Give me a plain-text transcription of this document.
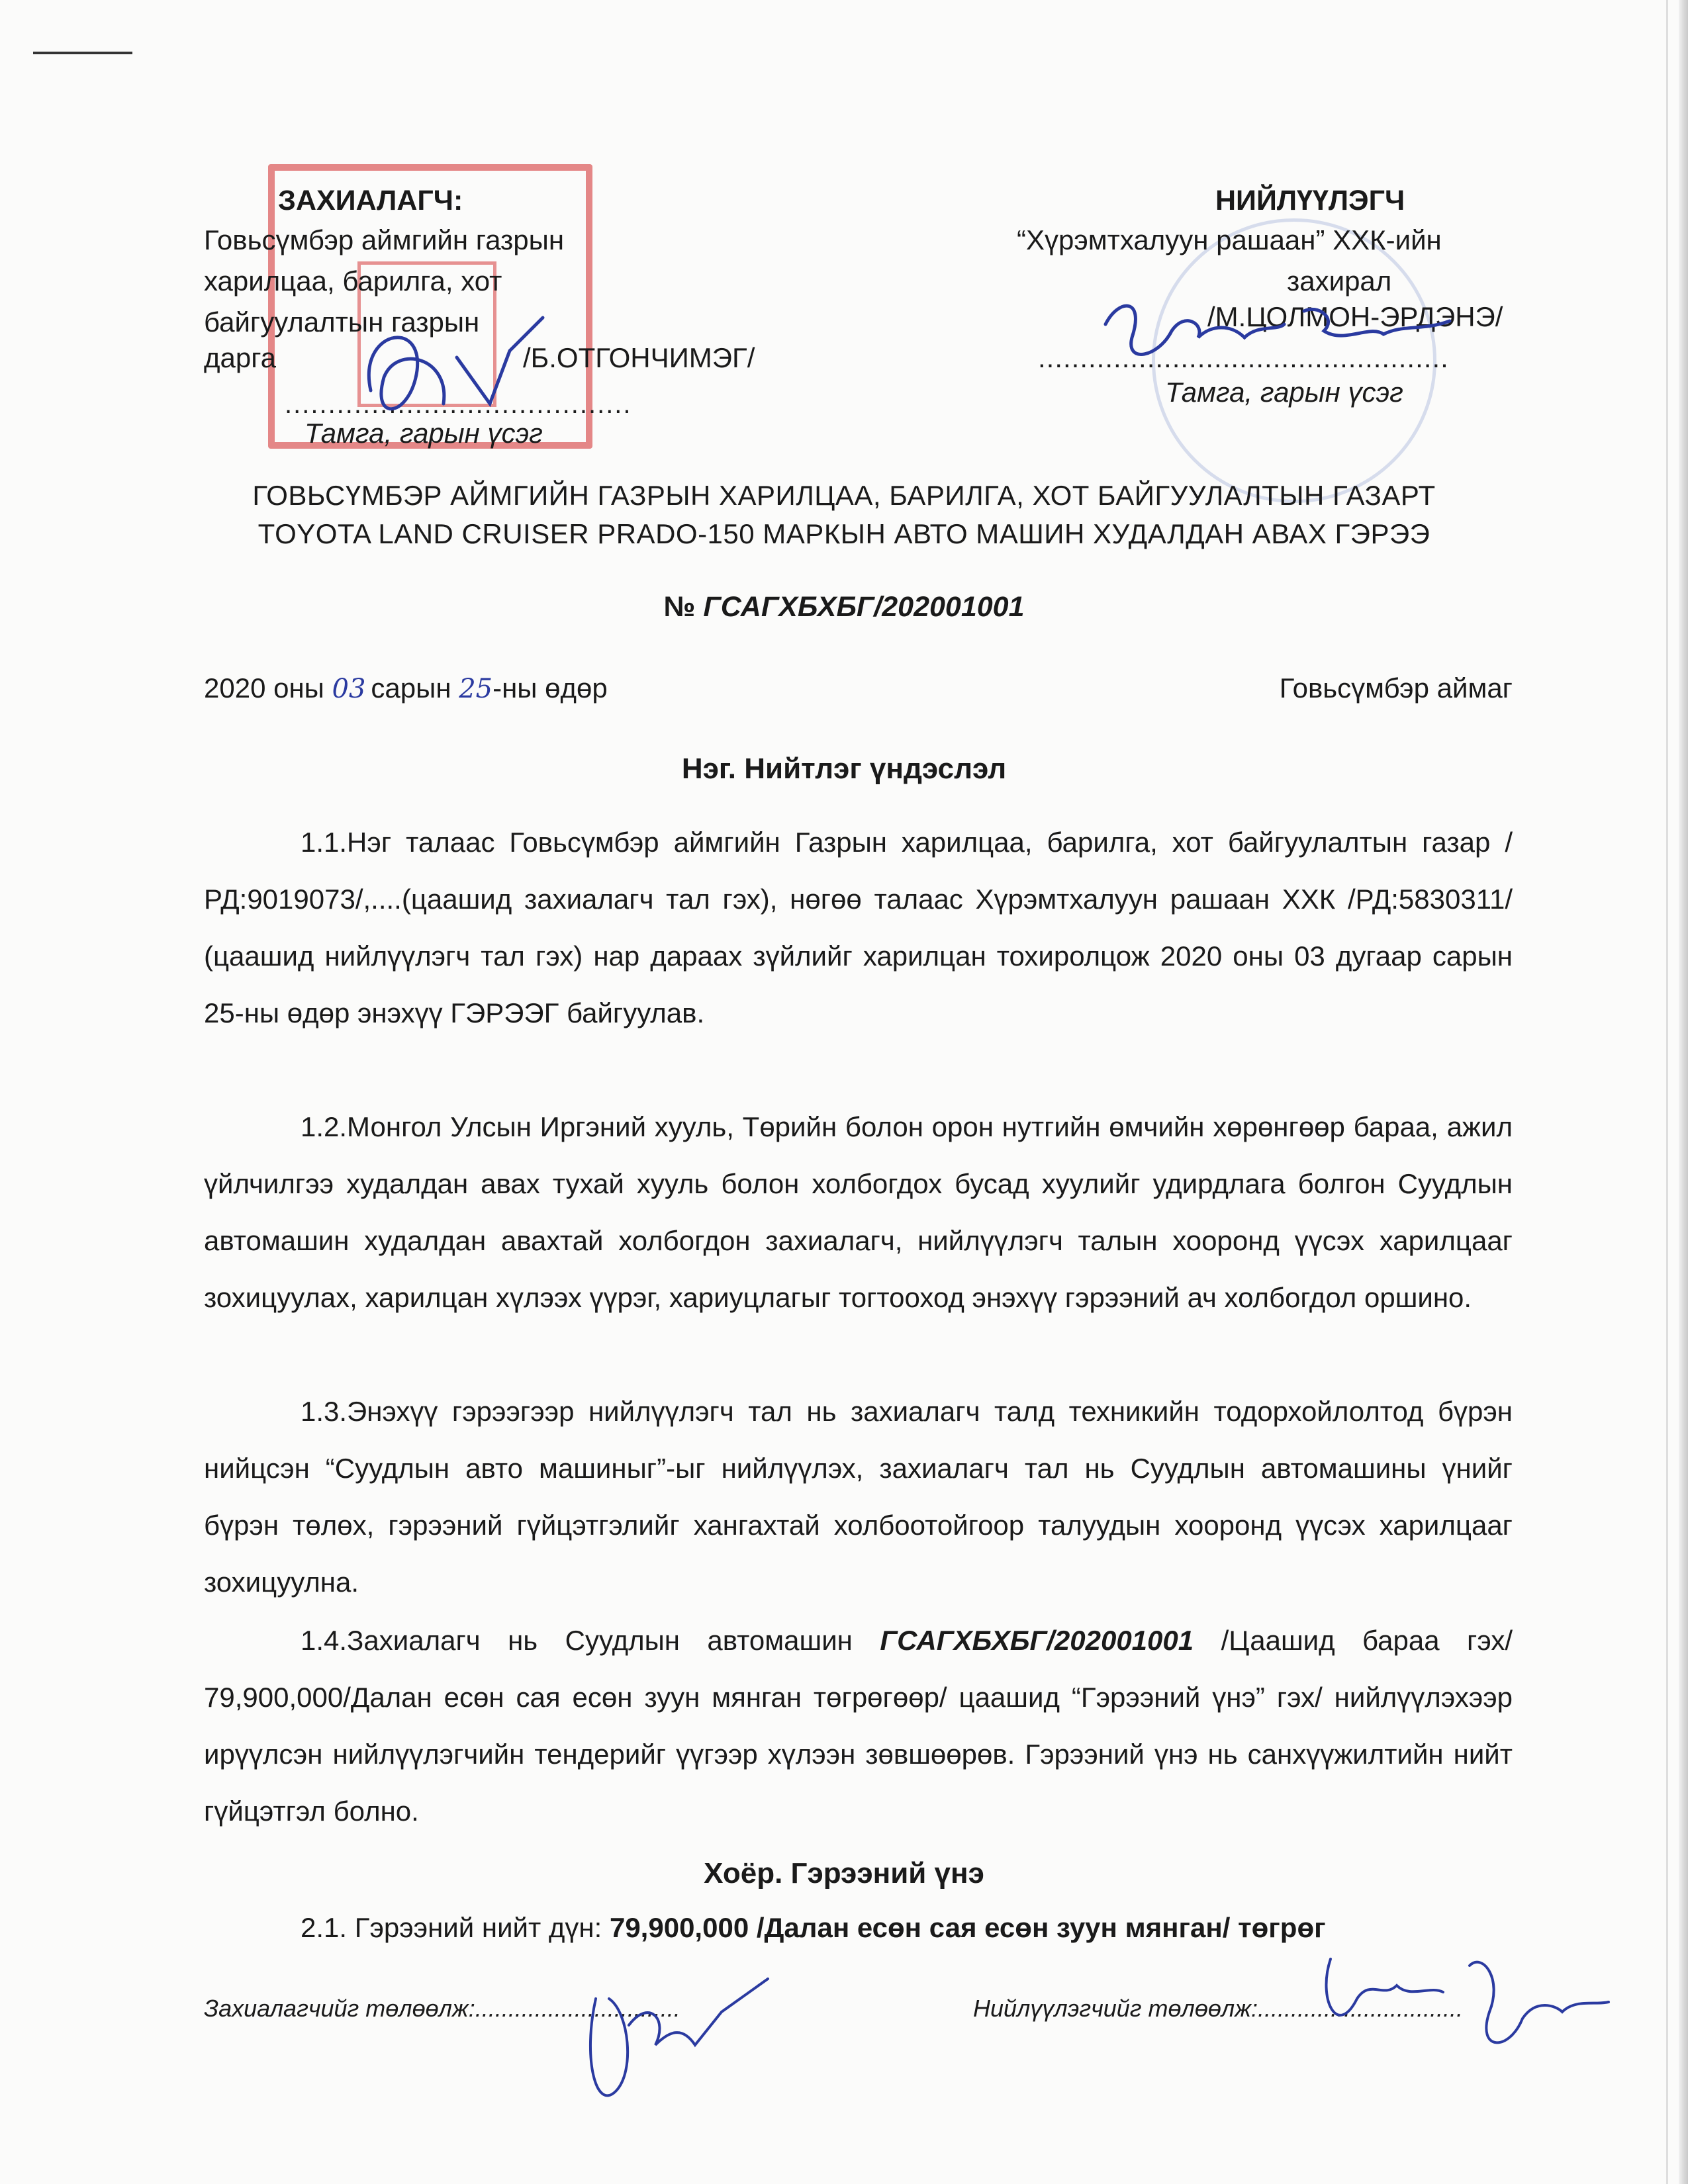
ЗАХИАЛАГЧ:
Говьсүмбэр аймгийн газрын
харилцаа, барилга, хот
байгуулалтын газрын
дарга	/Б.ОТГОНЧИМЭГ/
........................................
Тамга, гарын үсэг
НИЙЛҮҮЛЭГЧ
“Хүрэмтхалуун рашаан” ХХК-ийн
захирал
/М.ЦОЛМОН-ЭРДЭНЭ/
.................................................
Тамга, гарын үсэг
ГОВЬСҮМБЭР АЙМГИЙН ГАЗРЫН ХАРИЛЦАА, БАРИЛГА, ХОТ БАЙГУУЛАЛТЫН ГАЗАРТ
TOYOTA LAND CRUISER PRADO-150 МАРКЫН АВТО МАШИН ХУДАЛДАН АВАХ ГЭРЭЭ
№ ГСАГХБХБГ/202001001
2020 оны 03 сарын 25-ны өдөр	Говьсүмбэр аймаг
Нэг. Нийтлэг үндэслэл

1.1.Нэг талаас Говьсүмбэр аймгийн Газрын харилцаа, барилга, хот байгуулалтын газар /РД:9019073/,....(цаашид захиалагч тал гэх), нөгөө талаас Хүрэмтхалуун рашаан ХХК /РД:5830311/ (цаашид нийлүүлэгч тал гэх) нар дараах зүйлийг харилцан тохиролцож 2020 оны 03 дугаар сарын 25-ны өдөр энэхүү ГЭРЭЭГ байгуулав.

1.2.Монгол Улсын Иргэний хууль, Төрийн болон орон нутгийн өмчийн хөрөнгөөр бараа, ажил үйлчилгээ худалдан авах тухай хууль болон холбогдох бусад хуулийг удирдлага болгон Суудлын автомашин худалдан авахтай холбогдон захиалагч, нийлүүлэгч талын хооронд үүсэх харилцааг зохицуулах, харилцан хүлээх үүрэг, хариуцлагыг тогтооход энэхүү гэрээний ач холбогдол оршино.

1.3.Энэхүү гэрээгээр нийлүүлэгч тал нь захиалагч талд техникийн тодорхойлолтод бүрэн нийцсэн “Суудлын авто машиныг”-ыг нийлүүлэх, захиалагч тал нь Суудлын автомашины үнийг бүрэн төлөх, гэрээний гүйцэтгэлийг хангахтай холбоотойгоор талуудын хооронд үүсэх харилцааг зохицуулна.

1.4.Захиалагч нь Суудлын автомашин ГСАГХБХБГ/202001001 /Цаашид бараа гэх/ 79,900,000/Далан есөн сая есөн зуун мянган төгрөгөөр/ цаашид “Гэрээний үнэ” гэх/ нийлүүлэхээр ирүүлсэн нийлүүлэгчийн тендерийг үүгээр хүлээн зөвшөөрөв. Гэрээний үнэ нь санхүүжилтийн нийт гүйцэтгэл болно.

Хоёр. Гэрээний үнэ

2.1. Гэрээний нийт дүн: 79,900,000 /Далан есөн сая есөн зуун мянган/ төгрөг

Захиалагчийг төлөөлж:...............................	Нийлүүлэгчийг төлөөлж:...............................
